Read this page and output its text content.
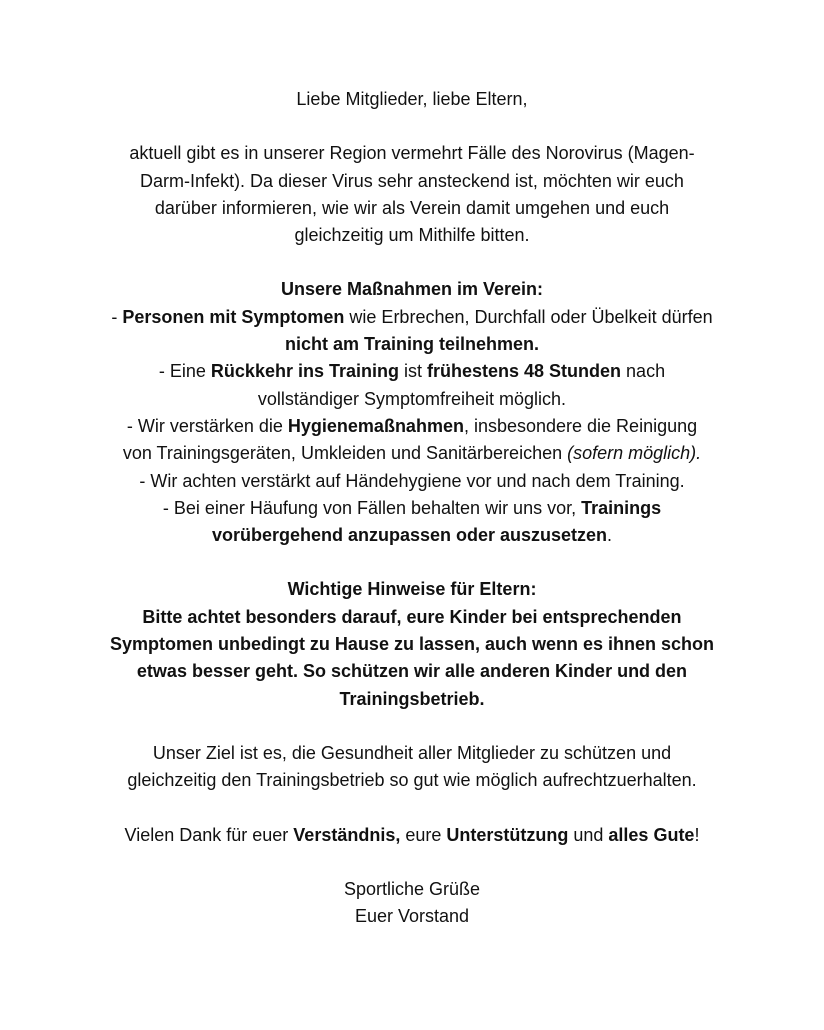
Liebe Mitglieder, liebe Eltern,
aktuell gibt es in unserer Region vermehrt Fälle des Norovirus (Magen-
Darm-Infekt). Da dieser Virus sehr ansteckend ist, möchten wir euch
darüber informieren, wie wir als Verein damit umgehen und euch
gleichzeitig um Mithilfe bitten.
Unsere Maßnahmen im Verein:
- Personen mit Symptomen wie Erbrechen, Durchfall oder Übelkeit dürfen
nicht am Training teilnehmen.
- Eine Rückkehr ins Training ist frühestens 48 Stunden nach
vollständiger Symptomfreiheit möglich.
- Wir verstärken die Hygienemaßnahmen, insbesondere die Reinigung
von Trainingsgeräten, Umkleiden und Sanitärbereichen (sofern möglich).
- Wir achten verstärkt auf Händehygiene vor und nach dem Training.
- Bei einer Häufung von Fällen behalten wir uns vor, Trainings
vorübergehend anzupassen oder auszusetzen.
Wichtige Hinweise für Eltern:
Bitte achtet besonders darauf, eure Kinder bei entsprechenden
Symptomen unbedingt zu Hause zu lassen, auch wenn es ihnen schon
etwas besser geht. So schützen wir alle anderen Kinder und den
Trainingsbetrieb.
Unser Ziel ist es, die Gesundheit aller Mitglieder zu schützen und
gleichzeitig den Trainingsbetrieb so gut wie möglich aufrechtzuerhalten.
Vielen Dank für euer Verständnis, eure Unterstützung und alles Gute!
Sportliche Grüße
Euer Vorstand
